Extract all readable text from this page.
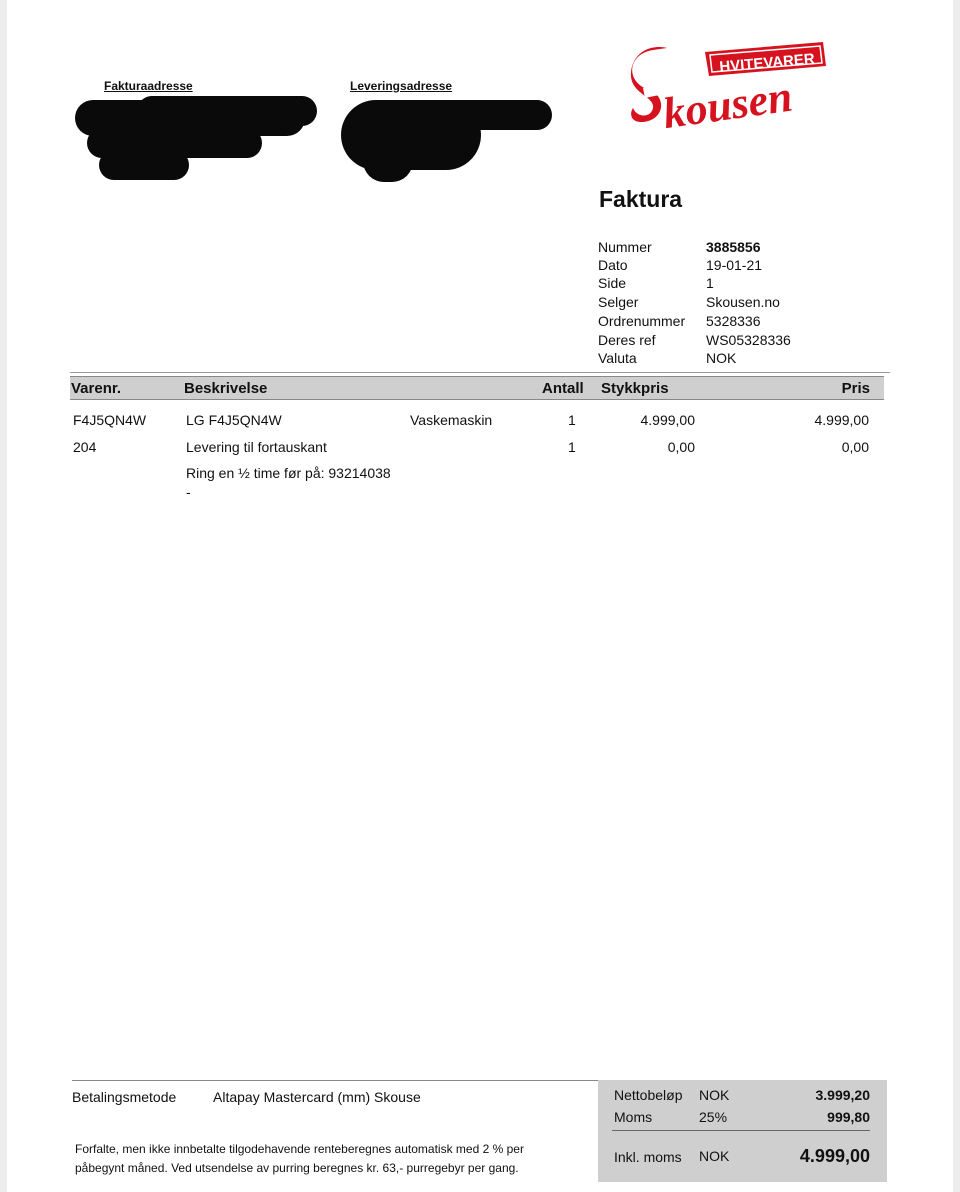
Fakturaadresse	Leveringsadresse
HVITEVARER
kousen
Faktura
Nummer	3885856
Dato	19-01-21
Side	1
Selger	Skousen.no
Ordrenummer 5328336
Deres ref	WS05328336
Valuta	NOK
Varenr.	Beskrivelse	Antall Stykkpris	Pris
F4J5QN4W	LG F4J5QN4W	Vaskemaskin	1	4.999,00	4.999,00
204	Levering til fortauskant	1	0,00	0,00
Ring en ½ time før på: 93214038
-
Betalingsmetode	Altapay Mastercard (mm) Skouse
Forfalte, men ikke innbetalte tilgodehavende renteberegnes automatisk med 2 % per
påbegynt måned. Ved utsendelse av purring beregnes kr. 63,- purregebyr per gang.
Nettobeløp NOK	3.999,20
Moms	25%	999,80
Inkl. moms NOK	4.999,00
